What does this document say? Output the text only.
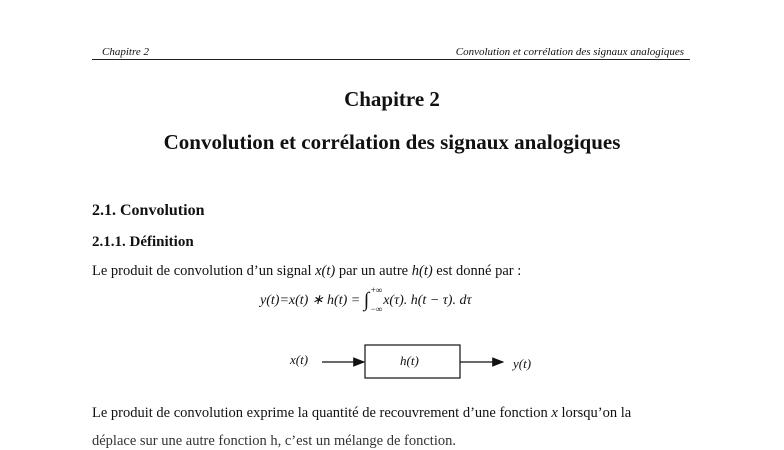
Chapitre 2	Convolution et corrélation des signaux analogiques
Chapitre 2
Convolution et corrélation des signaux analogiques
2.1. Convolution
2.1.1. Définition
Le produit de convolution d’un signal x(t) par un autre h(t) est donné par :
y(t)=x(t) ∗ h(t) = ∫ +∞
−∞
x(τ). h(t − τ). dτ
x(t)	h(t)	y(t)
Le produit de convolution exprime la quantité de recouvrement d’une fonction x lorsqu’on la
déplace sur une autre fonction h, c’est un mélange de fonction.
